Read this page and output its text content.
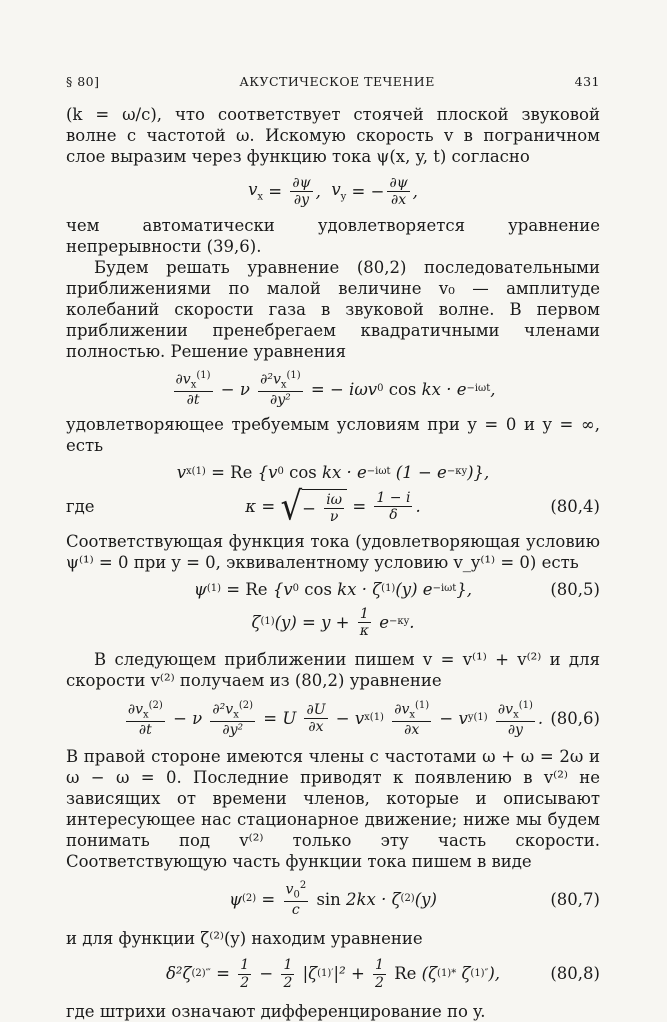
§ 80]	АКУСТИЧЕСКОЕ ТЕЧЕНИЕ	431

(k = ω/c), что соответствует стоячей плоской звуковой волне с частотой ω. Искомую скорость v в пограничном слое выразим через функцию тока ψ(x, y, t) согласно

$v_x = \frac{\partial\psi}{\partial y}$ , $v_y$ = − $\frac{\partial\psi}{\partial x}$ ,

чем автоматически удовлетворяется уравнение непрерывности (39,6).

Будем решать уравнение (80,2) последовательными приближениями по малой величине v₀ — амплитуде колебаний скорости газа в звуковой волне. В первом приближении пренебрегаем квадратичными членами полностью. Решение уравнения

$\frac{\partial v_x^{(1)}}{\partial t} - \nu \frac{\partial^2v_x^{(1)}}{\text{∂y²}}$ = − iωv 0
cos kx · e −iωt ,

удовлетворяющее требуемым условиям при y = 0 и y = ∞, есть

v x (1) = Re {v 0
cos kx · e −iωt (1 − e −κy )},
где	κ = √ − $\frac{i\omega}{\nu} = \frac{1 - i}{\delta}$ .	(80,4)

Соответствующая функция тока (удовлетворяющая условию ψ⁽¹⁾ = 0 при y = 0, эквивалентному условию v_y⁽¹⁾ = 0) есть

ψ (1) = Re {v 0
cos kx · ζ (1) (y) e −iωt },	(80,5)
ζ (1) $(y) = y + \frac{1}{\kappa}$ e −κy .

В следующем приближении пишем v = v⁽¹⁾ + v⁽²⁾ и для скорости v⁽²⁾ получаем из (80,2) уравнение

$\frac{\partial v_x^{(2)}}{\partial t} - \nu \frac{\partial^2v_x^{(2)}}{\text{∂y²}} = U \frac{\partial U}{\partial x} - v$ x (1)
$\frac{\partial v_x^{(1)}}{\partial x} - v$ y (1)
$\frac{\partial v_x^{(1)}}{\partial y}$ . (80,6)

В правой стороне имеются члены с частотами ω + ω = 2ω и ω − ω = 0. Последние приводят к появлению в v⁽²⁾ не зависящих от времени членов, которые и описывают интересующее нас стационарное движение; ниже мы будем понимать под v⁽²⁾ только эту часть скорости. Соответствующую часть функции тока пишем в виде

ψ $(2) = \frac{v_0^2}{c}$
sin 2kx · ζ (2) (y)	(80,7)

и для функции ζ⁽²⁾(y) находим уравнение

δ²ζ (2)‴ = $\frac{1}{2} - \frac{1}{2} |\zeta$ (1)′ $|^2 + \frac{1}{2}$
Re (ζ (1)* ζ (1)″ ),	(80,8)

где штрихи означают дифференцирование по y.
